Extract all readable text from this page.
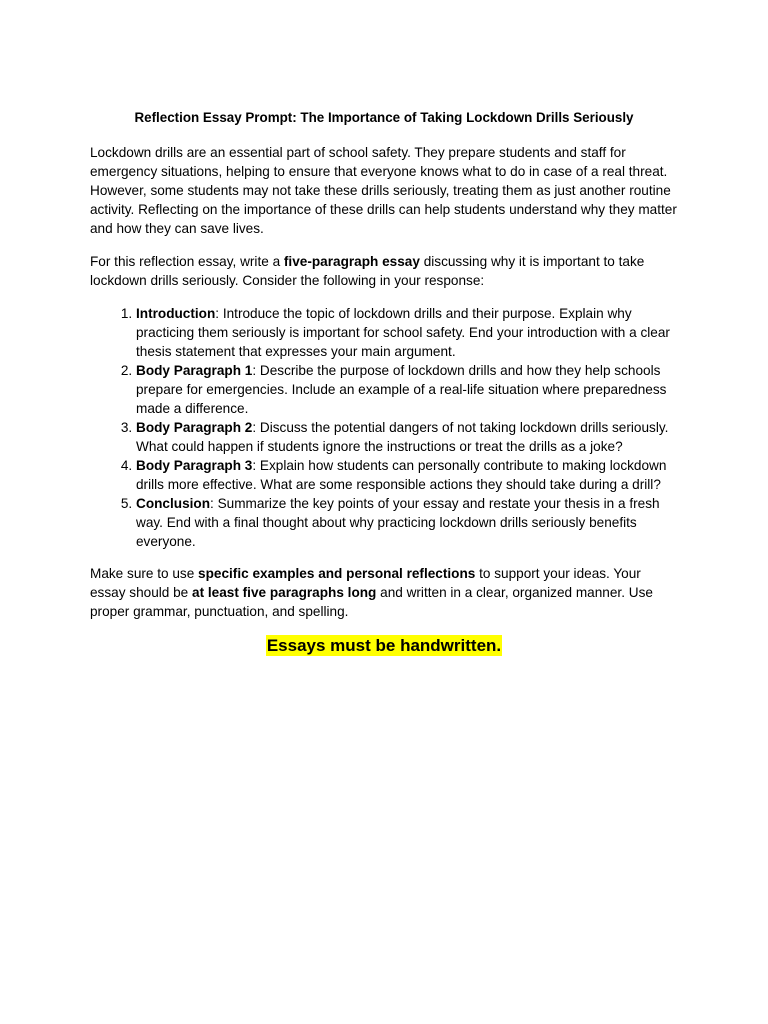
Reflection Essay Prompt: The Importance of Taking Lockdown Drills Seriously

Lockdown drills are an essential part of school safety. They prepare students and staff for emergency situations, helping to ensure that everyone knows what to do in case of a real threat. However, some students may not take these drills seriously, treating them as just another routine activity. Reflecting on the importance of these drills can help students understand why they matter and how they can save lives.

For this reflection essay, write a five-paragraph essay discussing why it is important to take lockdown drills seriously. Consider the following in your response:

1. Introduction: Introduce the topic of lockdown drills and their purpose. Explain why practicing them seriously is important for school safety. End your introduction with a clear thesis statement that expresses your main argument.
2. Body Paragraph 1: Describe the purpose of lockdown drills and how they help schools prepare for emergencies. Include an example of a real-life situation where preparedness made a difference.
3. Body Paragraph 2: Discuss the potential dangers of not taking lockdown drills seriously. What could happen if students ignore the instructions or treat the drills as a joke?
4. Body Paragraph 3: Explain how students can personally contribute to making lockdown drills more effective. What are some responsible actions they should take during a drill?
5. Conclusion: Summarize the key points of your essay and restate your thesis in a fresh way. End with a final thought about why practicing lockdown drills seriously benefits everyone.

Make sure to use specific examples and personal reflections to support your ideas. Your essay should be at least five paragraphs long and written in a clear, organized manner. Use proper grammar, punctuation, and spelling.

Essays must be handwritten.
